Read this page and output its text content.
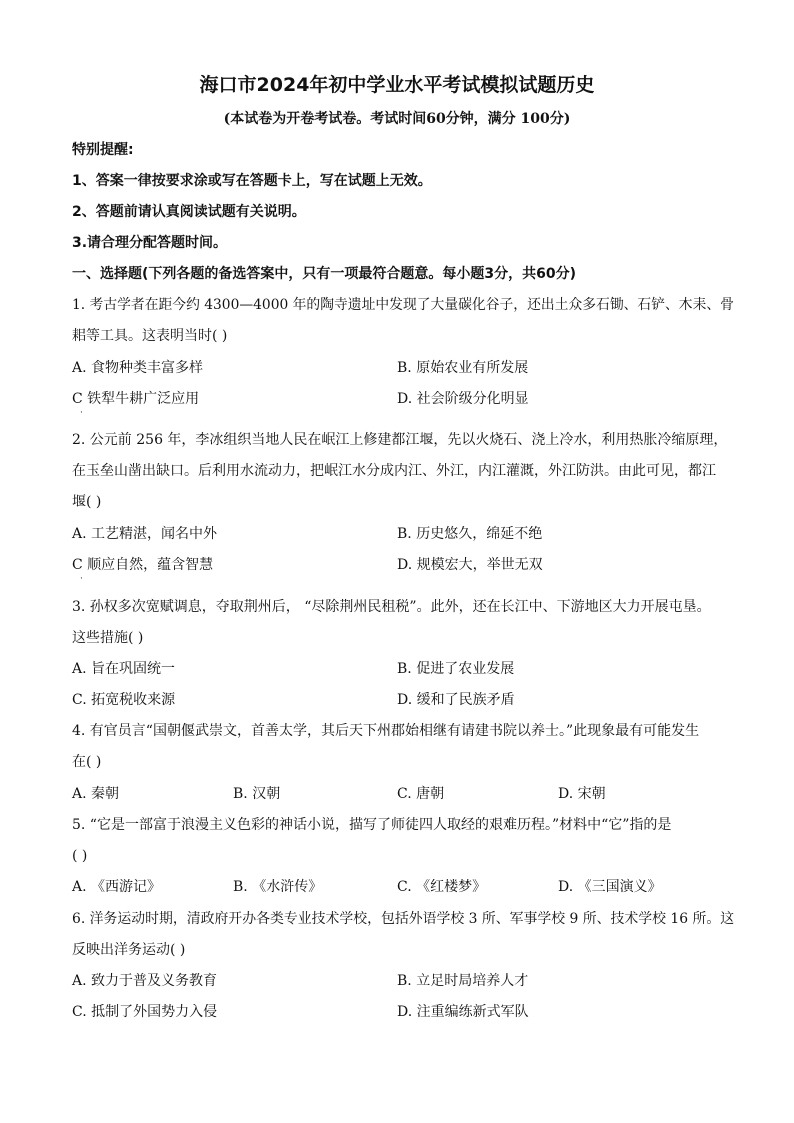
海口市2024年初中学业水平考试模拟试题历史
(本试卷为开卷考试卷。考试时间60分钟，满分 100分)
特别提醒:
1、答案一律按要求涂或写在答题卡上，写在试题上无效。
2、答题前请认真阅读试题有关说明。
3.请合理分配答题时间。
一、选择题(下列各题的备选答案中，只有一项最符合题意。每小题3分，共60分)
1. 考古学者在距今约 4300—4000 年的陶寺遗址中发现了大量碳化谷子，还出土众多石锄、石铲、木耒、骨
耜等工具。这表明当时( )
A. 食物种类丰富多样	B. 原始农业有所发展
C 铁犁牛耕广泛应用
·
D. 社会阶级分化明显
2. 公元前 256 年，李冰组织当地人民在岷江上修建都江堰，先以火烧石、浇上冷水，利用热胀冷缩原理，
在玉垒山凿出缺口。后利用水流动力，把岷江水分成内江、外江，内江灌溉，外江防洪。由此可见，都江
堰( )
A. 工艺精湛，闻名中外	B. 历史悠久，绵延不绝
C 顺应自然，蕴含智慧
·
D. 规模宏大，举世无双
3. 孙权多次宽赋调息，夺取荆州后， “尽除荆州民租税”。此外，还在长江中、下游地区大力开展屯垦。
这些措施( )
A. 旨在巩固统一	B. 促进了农业发展
C. 拓宽税收来源	D. 缓和了民族矛盾
4. 有官员言“国朝偃武崇文，首善太学，其后天下州郡始相继有请建书院以养士。”此现象最有可能发生
在( )
A. 秦朝	B. 汉朝	C. 唐朝	D. 宋朝
5. “它是一部富于浪漫主义色彩的神话小说，描写了师徒四人取经的艰难历程。”材料中“它”指的是
( )
A. 《西游记》	B. 《水浒传》	C. 《红楼梦》	D. 《三国演义》
6. 洋务运动时期，清政府开办各类专业技术学校，包括外语学校 3 所、军事学校 9 所、技术学校 16 所。这
反映出洋务运动( )
A. 致力于普及义务教育	B. 立足时局培养人才
C. 抵制了外国势力入侵	D. 注重编练新式军队
